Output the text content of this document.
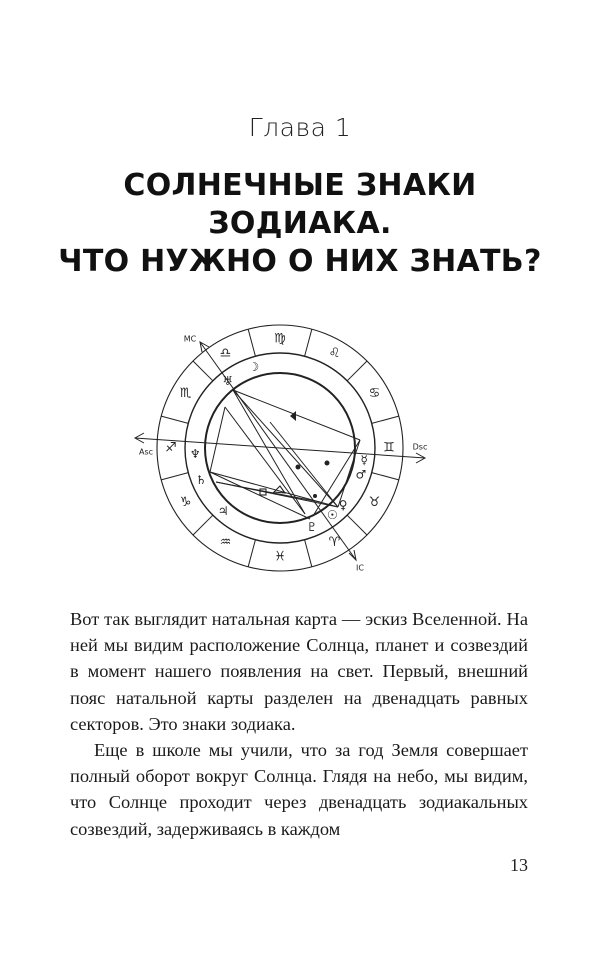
Глава 1
СОЛНЕЧНЫЕ ЗНАКИ
ЗОДИАКА.
ЧТО НУЖНО О НИХ ЗНАТЬ?
♍
♌
♋
♊
♉
♈
♓
♒
♑
♐
♏
♎
☽
♅
♄
♃
♂
♀
☿
☉
♆
♇
MC
IC
Asc
Dsc
Вот так выглядит натальная карта — эскиз Вселенной. На ней мы видим расположение Солнца, планет и созвездий в момент нашего появления на свет. Первый, внешний пояс натальной карты разделен на двенадцать равных секторов. Это знаки зодиака.
Еще в школе мы учили, что за год Земля совершает полный оборот вокруг Солнца. Глядя на небо, мы видим, что Солнце проходит через двенадцать зодиакальных созвездий, задерживаясь в каждом
13
